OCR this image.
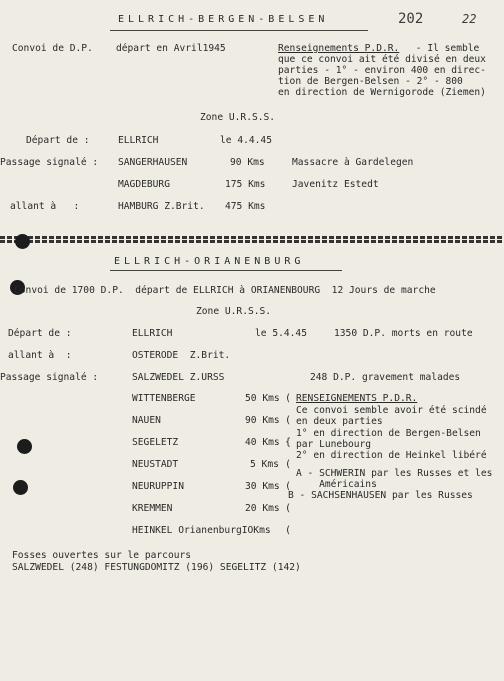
ELLRICH-BERGEN-BELSEN	202	22
Convoi de D.P.    départ en Avril1945	Renseignements P.D.R. - Il semble
que ce convoi ait été divisé en deux
parties - 1° - environ 400 en direc-
tion de Bergen-Belsen - 2° - 800
en direction de Wernigorode (Ziemen)
Zone U.R.S.S.
Départ de :	ELLRICH	le 4.4.45
Passage signalé : SANGERHAUSEN	90 Kms	Massacre à Gardelegen
MAGDEBURG	175 Kms	Javenitz Estedt
allant à   :	HAMBURG Z.Brit. 475 Kms
ELLRICH-ORIANENBURG
Convoi de 1700 D.P.  départ de ELLRICH à ORIANENBOURG  12 Jours de marche
Zone U.R.S.S.
Départ de :	ELLRICH	le 5.4.45	1350 D.P. morts en route
allant à  :	OSTERODE  Z.Brit.
Passage signalé :	SALZWEDEL Z.URSS	248 D.P. gravement malades
WITTENBERGE	50 Kms
NAUEN	90 Kms
SEGELETZ	40 Kms
NEUSTADT	5 Kms
NEURUPPIN	30 Kms
KREMMEN	20 Kms
HEINKEL OrianenburgIOKms
(
(
{
(
(
(
(
RENSEIGNEMENTS P.D.R.
Ce convoi semble avoir été scindé
en deux parties
1° en direction de Bergen-Belsen
par Lunebourg
2° en direction de Heinkel libéré
A - SCHWERIN par les Russes et les
Américains
B - SACHSENHAUSEN par les Russes
Fosses ouvertes sur le parcours
SALZWEDEL (248) FESTUNGDOMITZ (196) SEGELITZ (142)
